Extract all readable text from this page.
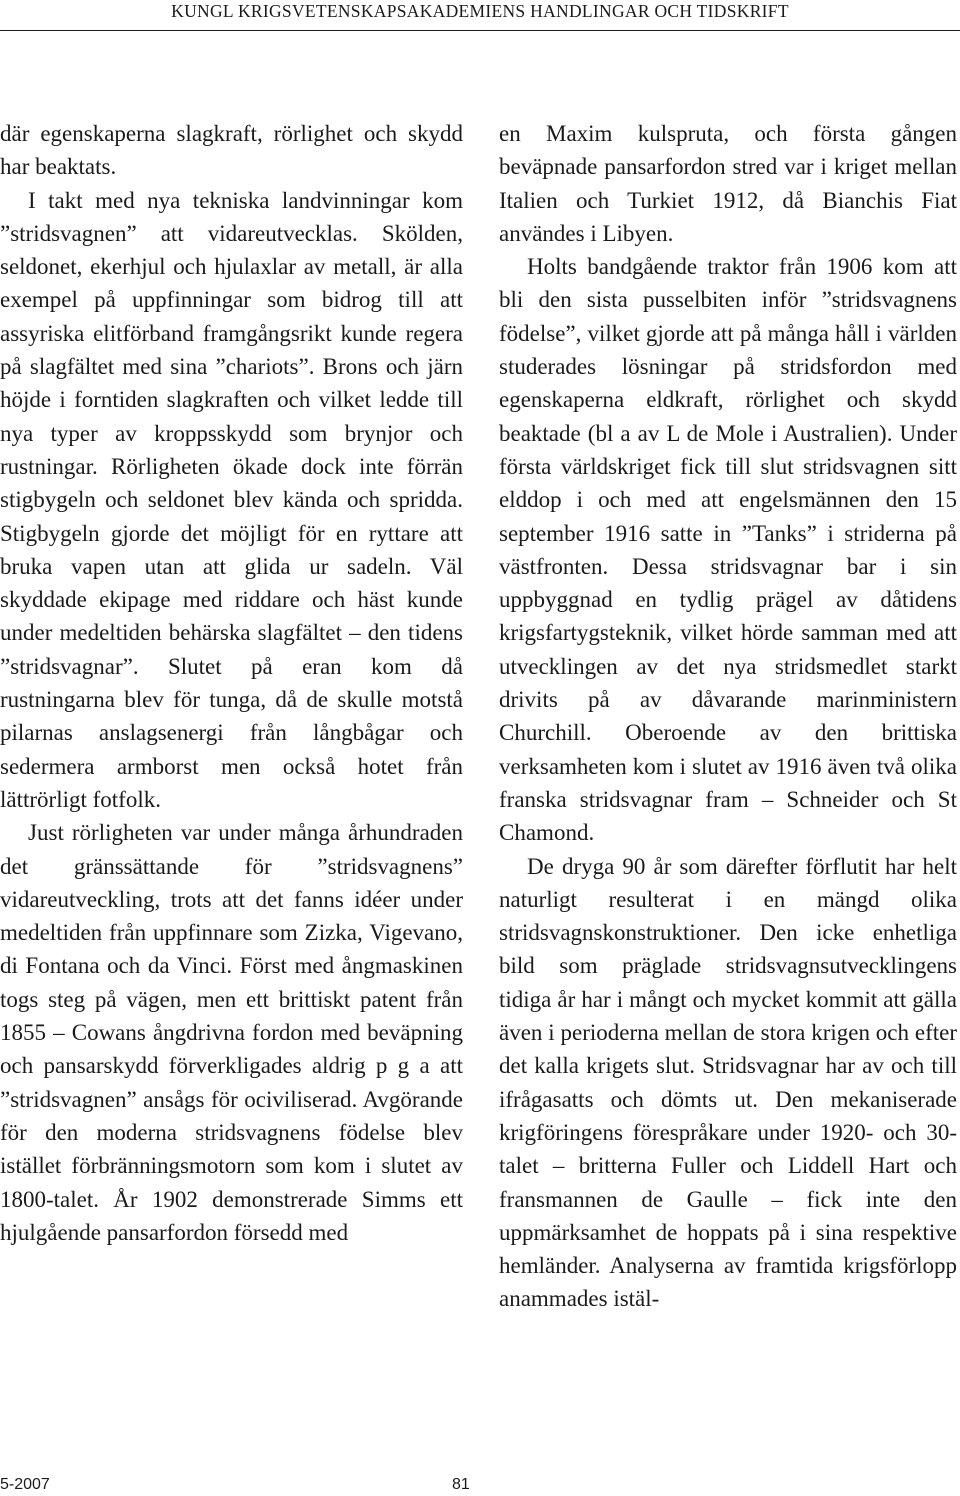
KUNGL KRIGSVETENSKAPSAKADEMIENS HANDLINGAR OCH TIDSKRIFT

där egenskaperna slagkraft, rörlighet och skydd har beaktats.

I takt med nya tekniska landvinningar kom ”stridsvagnen” att vidareutvecklas. Skölden, seldonet, ekerhjul och hjulaxlar av metall, är alla exempel på uppfinningar som bidrog till att assyriska elitförband framgångsrikt kunde regera på slagfältet med sina ”chariots”. Brons och järn höjde i forntiden slagkraften och vilket ledde till nya typer av kroppsskydd som brynjor och rustningar. Rörligheten ökade dock inte förrän stigbygeln och seldonet blev kända och spridda. Stigbygeln gjorde det möjligt för en ryttare att bruka vapen utan att glida ur sadeln. Väl skyddade ekipage med riddare och häst kunde under medeltiden behärska slagfältet – den tidens ”stridsvagnar”. Slutet på eran kom då rustningarna blev för tunga, då de skulle motstå pilarnas anslagsenergi från långbågar och sedermera armborst men också hotet från lättrörligt fotfolk.

Just rörligheten var under många århundraden det gränssättande för ”stridsvagnens” vidareutveckling, trots att det fanns idéer under medeltiden från uppfinnare som Zizka, Vigevano, di Fontana och da Vinci. Först med ångmaskinen togs steg på vägen, men ett brittiskt patent från 1855 – Cowans ångdrivna fordon med beväpning och pansarskydd förverkligades aldrig p g a att ”stridsvagnen” ansågs för ociviliserad. Avgörande för den moderna stridsvagnens födelse blev istället förbränningsmotorn som kom i slutet av 1800-talet. År 1902 demonstrerade Simms ett hjulgående pansarfordon försedd med

en Maxim kulspruta, och första gången beväpnade pansarfordon stred var i kriget mellan Italien och Turkiet 1912, då Bianchis Fiat användes i Libyen.

Holts bandgående traktor från 1906 kom att bli den sista pusselbiten inför ”stridsvagnens födelse”, vilket gjorde att på många håll i världen studerades lösningar på stridsfordon med egenskaperna eldkraft, rörlighet och skydd beaktade (bl a av L de Mole i Australien). Under första världskriget fick till slut stridsvagnen sitt elddop i och med att engelsmännen den 15 september 1916 satte in ”Tanks” i striderna på västfronten. Dessa stridsvagnar bar i sin uppbyggnad en tydlig prägel av dåtidens krigsfartygsteknik, vilket hörde samman med att utvecklingen av det nya stridsmedlet starkt drivits på av dåvarande marinministern Churchill. Oberoende av den brittiska verksamheten kom i slutet av 1916 även två olika franska stridsvagnar fram – Schneider och St Chamond.

De dryga 90 år som därefter förflutit har helt naturligt resulterat i en mängd olika stridsvagnskonstruktioner. Den icke enhetliga bild som präglade stridsvagnsutvecklingens tidiga år har i mångt och mycket kommit att gälla även i perioderna mellan de stora krigen och efter det kalla krigets slut. Stridsvagnar har av och till ifrågasatts och dömts ut. Den mekaniserade krigföringens förespråkare under 1920- och 30-talet – britterna Fuller och Liddell Hart och fransmannen de Gaulle – fick inte den uppmärksamhet de hoppats på i sina respektive hemländer. Analyserna av framtida krigsförlopp anammades istäl-

5-2007	81
